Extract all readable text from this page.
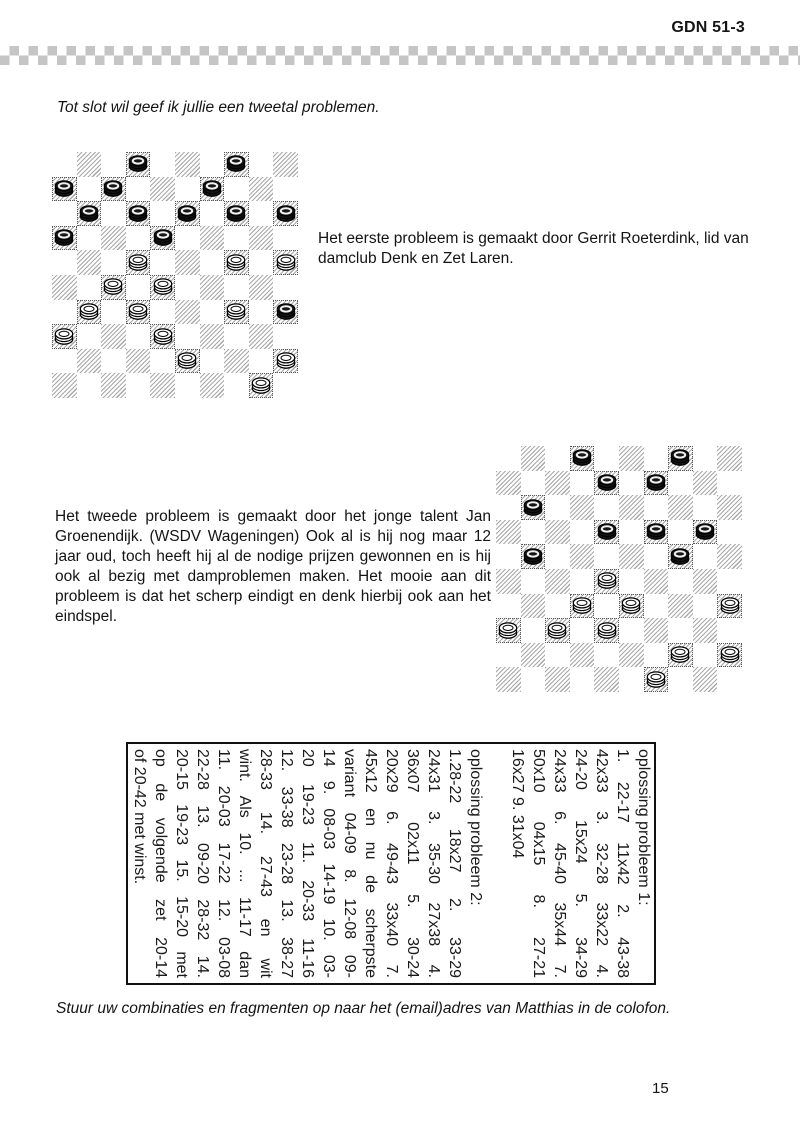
GDN 51-3
Tot slot wil geef ik jullie een tweetal problemen.
Het eerste probleem is gemaakt door Gerrit Roeterdink, lid van damclub Denk en Zet Laren.
Het tweede probleem is gemaakt door het jonge talent Jan Groenendijk. (WSDV Wageningen) Ook al is hij nog maar 12 jaar oud, toch heeft hij al de nodige prijzen gewonnen en is hij ook al bezig met damproblemen maken. Het mooie aan dit probleem is dat het scherp eindigt en denk hierbij ook aan het eindspel.
oplossing probleem 1:
1. 22-17 11x42 2. 43-38
42x33 3. 32-28 33x22 4.
24-20 15x24 5. 34-29
24x33 6. 45-40 35x44 7.
50x10 04x15 8. 27-21
16x27 9. 31x04
oplossing probleem 2:
1.28-22 18x27 2. 33-29
24x31 3. 35-30 27x38 4.
36x07 02x11 5. 30-24
20x29 6. 49-43 33x40 7.
45x12 en nu de scherpste
variant 04-09 8. 12-08 09-
14 9. 08-03 14-19 10. 03-
20 19-23 11. 20-33 11-16
12. 33-38 23-28 13. 38-27
28-33 14. 27-43 en wit
wint. Als 10. ... 11-17 dan
11. 20-03 17-22 12. 03-08
22-28 13. 09-20 28-32 14.
20-15 19-23 15. 15-20 met
op de volgende zet 20-14
of 20-42 met winst.
Stuur uw combinaties en fragmenten op naar het (email)adres van Matthias in de colofon.
15
